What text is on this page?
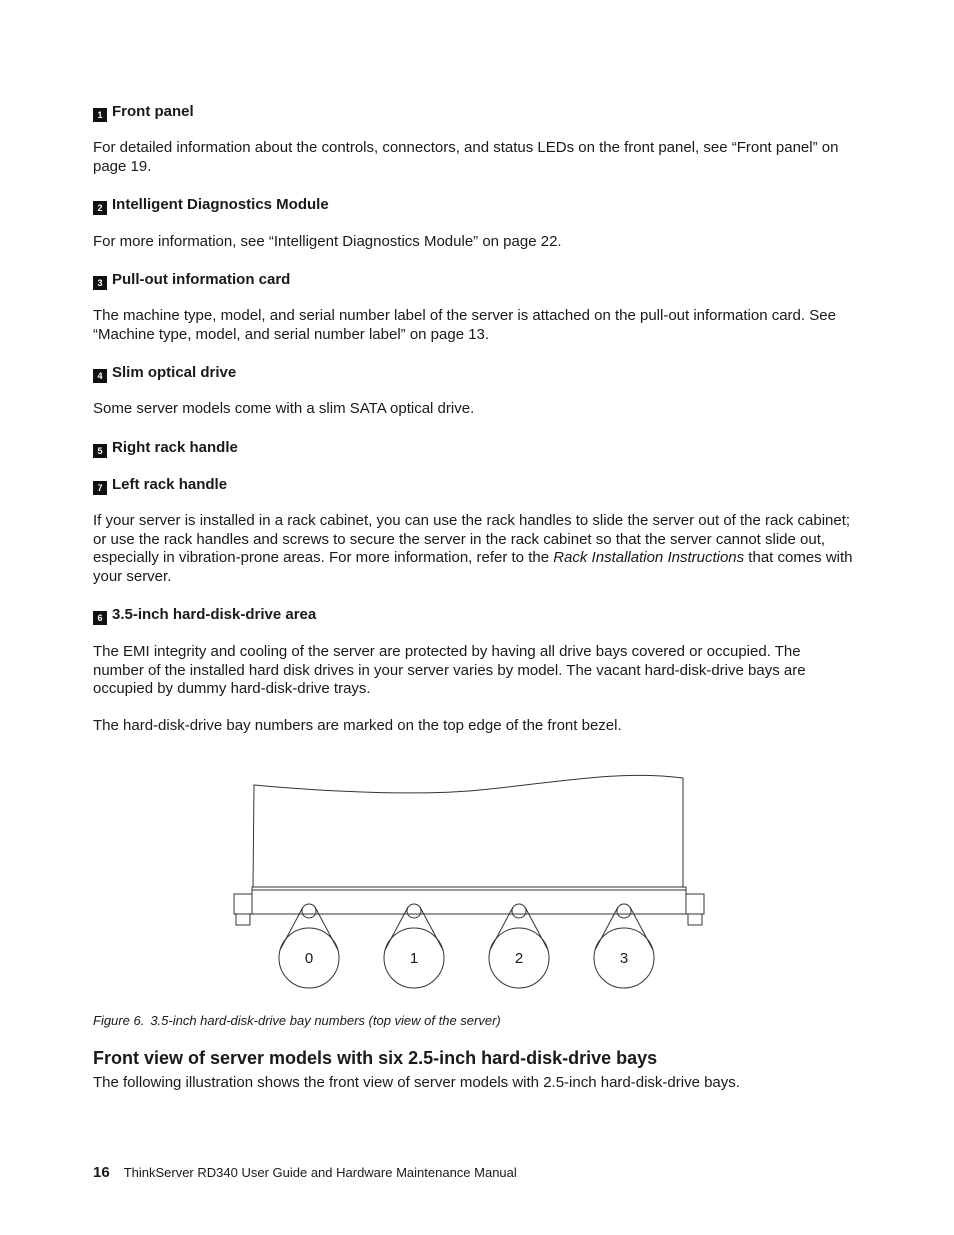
1 Front panel
For detailed information about the controls, connectors, and status LEDs on the front panel, see “Front panel” on page 19.
2 Intelligent Diagnostics Module
For more information, see “Intelligent Diagnostics Module” on page 22.
3 Pull-out information card
The machine type, model, and serial number label of the server is attached on the pull-out information card. See “Machine type, model, and serial number label” on page 13.
4 Slim optical drive
Some server models come with a slim SATA optical drive.
5 Right rack handle
7 Left rack handle
If your server is installed in a rack cabinet, you can use the rack handles to slide the server out of the rack cabinet; or use the rack handles and screws to secure the server in the rack cabinet so that the server cannot slide out, especially in vibration-prone areas. For more information, refer to the Rack Installation Instructions that comes with your server.
6 3.5-inch hard-disk-drive area
The EMI integrity and cooling of the server are protected by having all drive bays covered or occupied. The number of the installed hard disk drives in your server varies by model. The vacant hard-disk-drive bays are occupied by dummy hard-disk-drive trays.
The hard-disk-drive bay numbers are marked on the top edge of the front bezel.
0	1	2	3
Figure 6. 3.5-inch hard-disk-drive bay numbers (top view of the server)
Front view of server models with six 2.5-inch hard-disk-drive bays
The following illustration shows the front view of server models with 2.5-inch hard-disk-drive bays.
16 ThinkServer RD340 User Guide and Hardware Maintenance Manual
